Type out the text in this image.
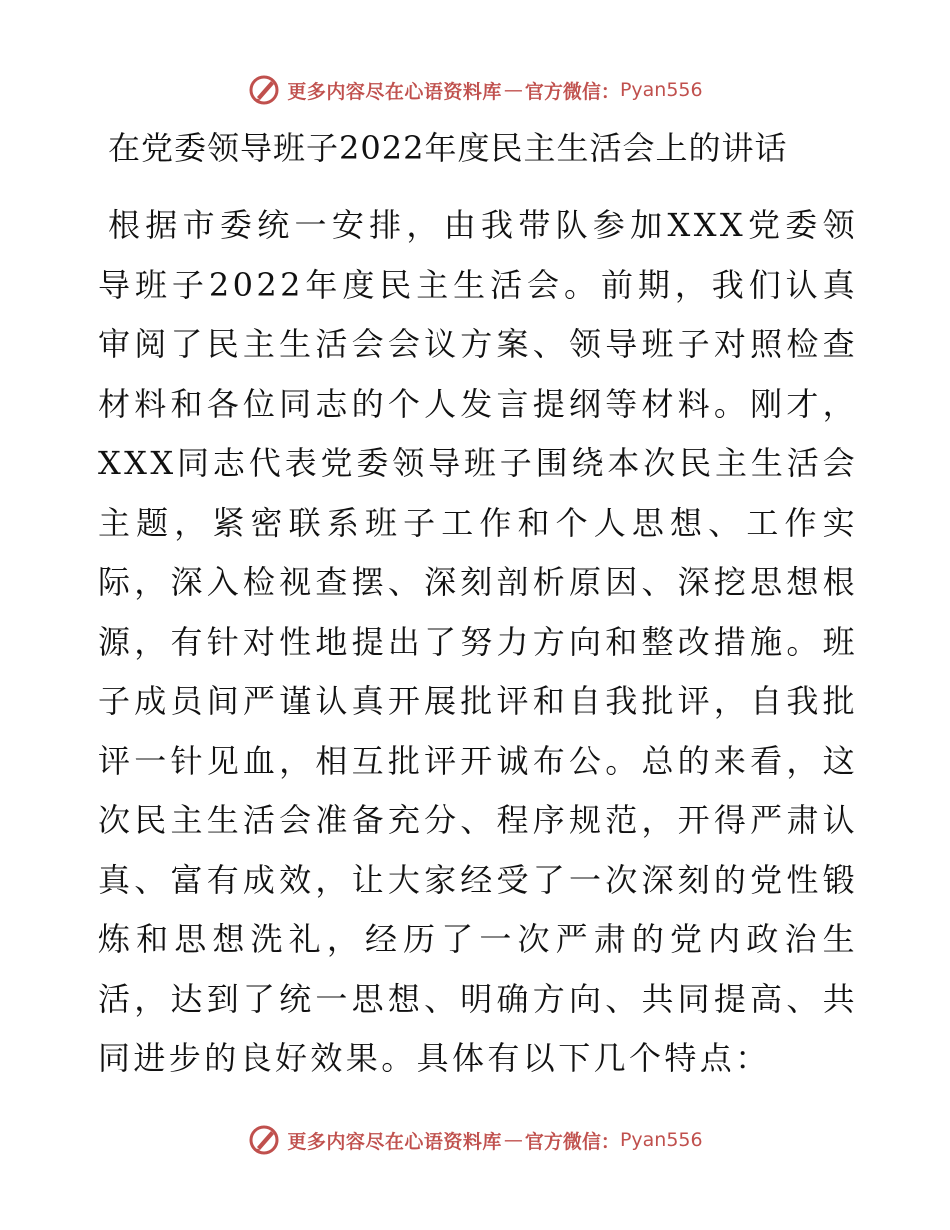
更多内容尽在心语资料库 — 官方微信： Pyan556
在党委领导班子2022年度民主生活会上的讲话

根据市委统一安排，由我带队参加XXX党委领导班子2022年度民主生活会。前期，我们认真审阅了民主生活会会议方案、领导班子对照检查材料和各位同志的个人发言提纲等材料。刚才，XXX同志代表党委领导班子围绕本次民主生活会主题，紧密联系班子工作和个人思想、工作实际，深入检视查摆、深刻剖析原因、深挖思想根源，有针对性地提出了努力方向和整改措施。班子成员间严谨认真开展批评和自我批评，自我批评一针见血，相互批评开诚布公。总的来看，这次民主生活会准备充分、程序规范，开得严肃认真、富有成效，让大家经受了一次深刻的党性锻炼和思想洗礼，经历了一次严肃的党内政治生活，达到了统一思想、明确方向、共同提高、共同进步的良好效果。具体有以下几个特点：

更多内容尽在心语资料库 — 官方微信： Pyan556
